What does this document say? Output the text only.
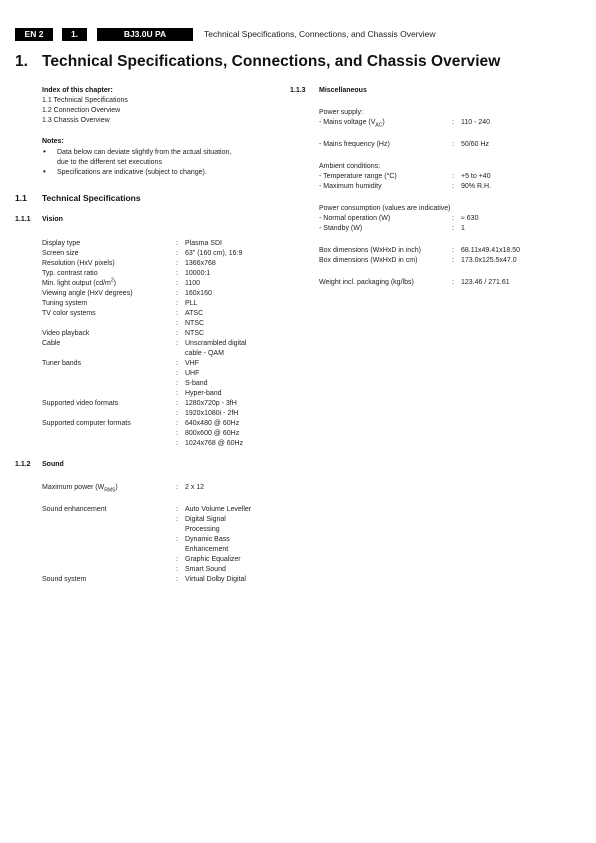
EN 2	1.	BJ3.0U PA	Technical Specifications, Connections, and Chassis Overview
1. Technical Specifications, Connections, and Chassis Overview
Index of this chapter:
1.1 Technical Specifications
1.2 Connection Overview
1.3 Chassis Overview
Notes:
• Data below can deviate slightly from the actual situation,
due to the different set executions
• Specifications are indicative (subject to change).
1.1 Technical Specifications
1.1.1 Vision
Display type	: Plasma SDI
Screen size	: 63" (160 cm), 16:9
Resolution (HxV pixels)	: 1366x768
Typ. contrast ratio	: 10000:1
Min. light output $(cd/m^2)$	: 1100
Viewing angle (HxV degrees)	: 160x160
Tuning system	: PLL
TV color systems	: ATSC
: NTSC
Video playback	: NTSC
Cable	: Unscrambled digital
cable - QAM
Tuner bands	: VHF
: UHF
: S-band
: Hyper-band
Supported video formats	: 1280x720p - 3fH
: 1920x1080i - 2fH
Supported computer formats	: 640x480 @ 60Hz
: 800x600 @ 60Hz
: 1024x768 @ 60Hz
1.1.2 Sound
Maximum power $(W_{RMS})$	: 2 x 12
Sound enhancement	: Auto Volume Leveller
: Digital Signal
Processing
: Dynamic Bass
Enhancement
: Graphic Equalizer
: Smart Sound
Sound system	: Virtual Dolby Digital
1.1.3 Miscellaneous
Power supply:
- Mains voltage $(V_{AC})$	: 110 - 240
- Mains frequency (Hz)	: 50/60 Hz
Ambient conditions:
- Temperature range (°C)	: +5 to +40
- Maximum humidity	: 90% R.H.
Power consumption (values are indicative)
- Normal operation (W)	: ≈ 630
- Standby (W)	: 1
Box dimensions (WxHxD in inch)	: 68.11x49.41x18.50
Box dimensions (WxHxD in cm)	: 173.0x125.5x47.0
Weight incl. packaging (kg/lbs)	: 123.46 / 271.61
